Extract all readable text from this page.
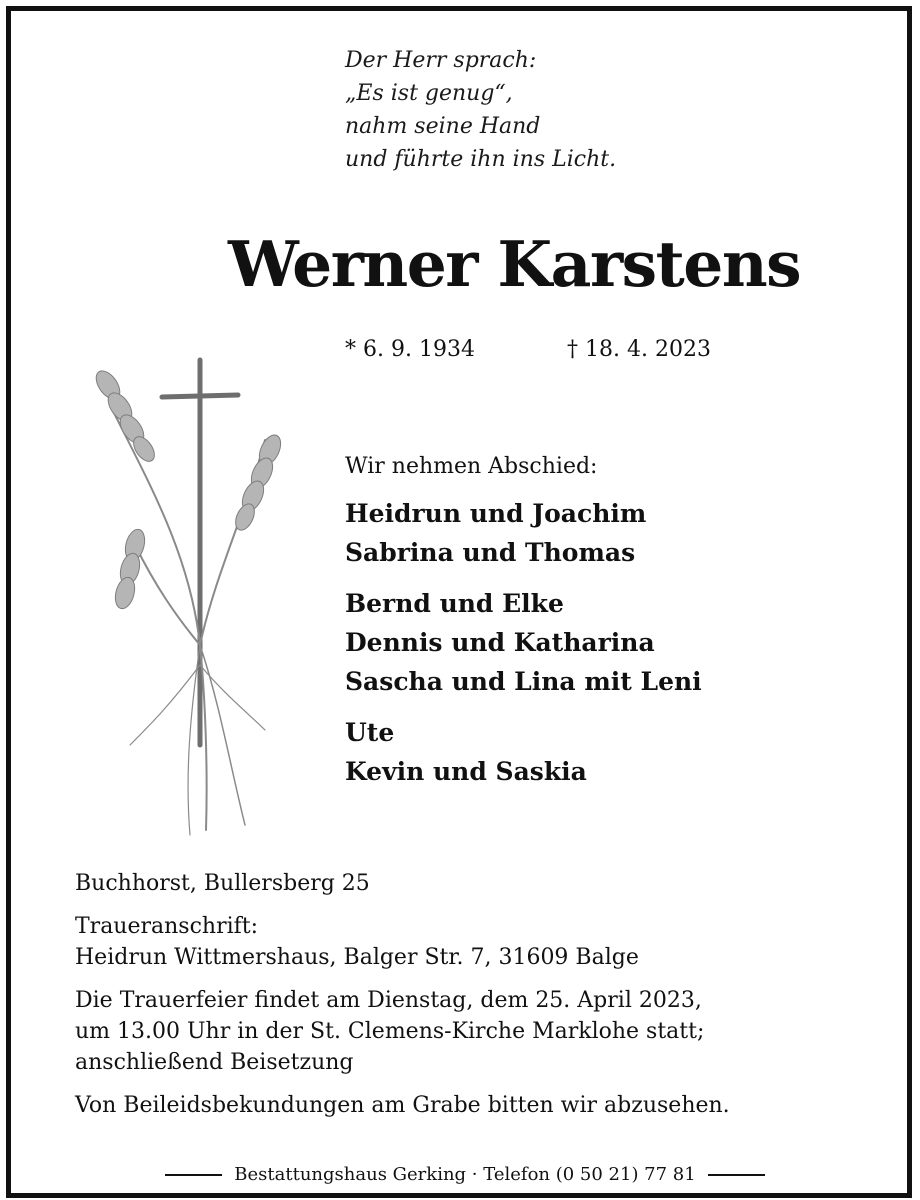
Der Herr sprach:
„Es ist genug“,
nahm seine Hand
und führte ihn ins Licht.
Werner Karstens
* 6. 9. 1934	† 18. 4. 2023
Wir nehmen Abschied:
Heidrun und Joachim
Sabrina und Thomas
Bernd und Elke
Dennis und Katharina
Sascha und Lina mit Leni
Ute
Kevin und Saskia
Buchhorst, Bullersberg 25
Traueranschrift:
Heidrun Wittmershaus, Balger Str. 7, 31609 Balge
Die Trauerfeier findet am Dienstag, dem 25. April 2023,
um 13.00 Uhr in der St. Clemens-Kirche Marklohe statt;
anschließend Beisetzung
Von Beileidsbekundungen am Grabe bitten wir abzusehen.
Bestattungshaus Gerking · Telefon (0 50 21) 77 81
